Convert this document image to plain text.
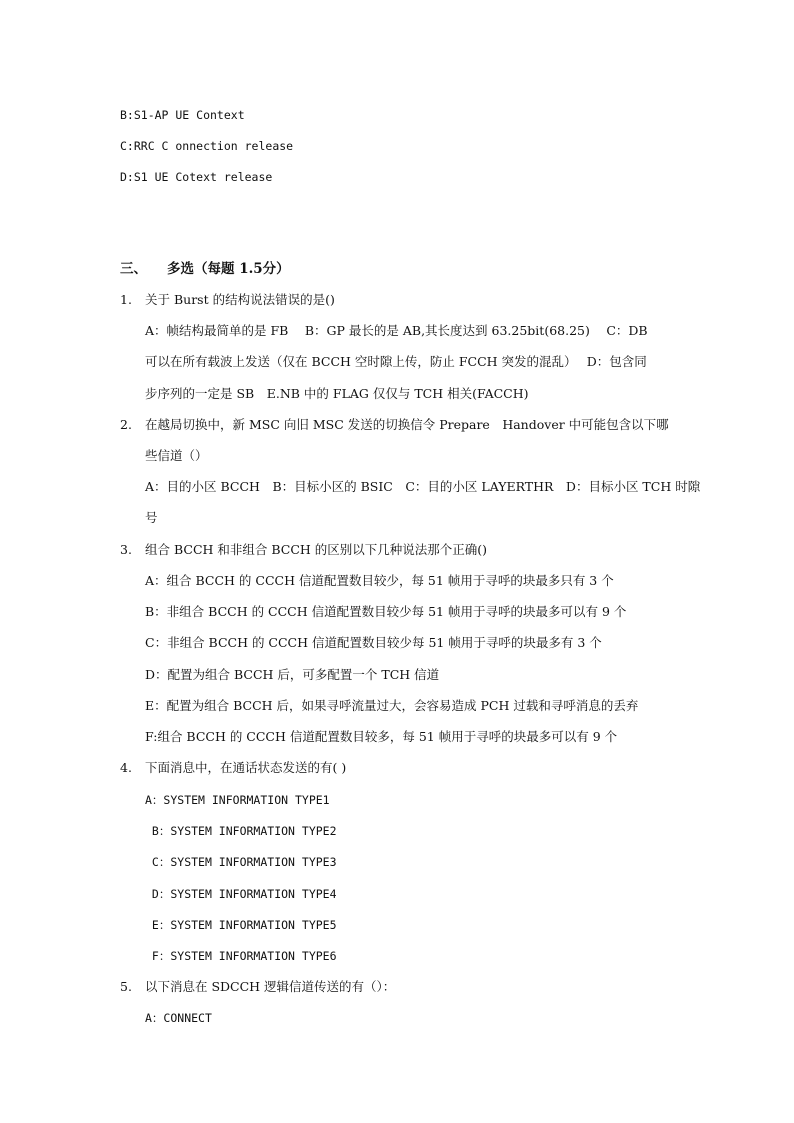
B:S1-AP UE Context
C:RRC C onnection release
D:S1 UE Cotext release
三、 多选（每题 1.5分）
1. 关于 Burst 的结构说法错误的是()
A：帧结构最简单的是 FB　 B：GP 最长的是 AB,其长度达到 63.25bit(68.25)　 C：DB
可以在所有载波上发送（仅在 BCCH 空时隙上传，防止 FCCH 突发的混乱）　 D：包含同
步序列的一定是 SB　E.NB 中的 FLAG 仅仅与 TCH 相关(FACCH)
2. 在越局切换中，新 MSC 向旧 MSC 发送的切换信令 Prepare　Handover 中可能包含以下哪
些信道（）
A：目的小区 BCCH　B：目标小区的 BSIC　C：目的小区 LAYERTHR　D：目标小区 TCH 时隙
号
3. 组合 BCCH 和非组合 BCCH 的区别以下几种说法那个正确()
A：组合 BCCH 的 CCCH 信道配置数目较少，每 51 帧用于寻呼的块最多只有 3 个
B：非组合 BCCH 的 CCCH 信道配置数目较少每 51 帧用于寻呼的块最多可以有 9 个
C：非组合 BCCH 的 CCCH 信道配置数目较少每 51 帧用于寻呼的块最多有 3 个
D：配置为组合 BCCH 后，可多配置一个 TCH 信道
E：配置为组合 BCCH 后，如果寻呼流量过大，会容易造成 PCH 过载和寻呼消息的丢弃
F:组合 BCCH 的 CCCH 信道配置数目较多，每 51 帧用于寻呼的块最多可以有 9 个
4. 下面消息中，在通话状态发送的有( )
A：SYSTEM INFORMATION TYPE1
B：SYSTEM INFORMATION TYPE2
C：SYSTEM INFORMATION TYPE3
D：SYSTEM INFORMATION TYPE4
E：SYSTEM INFORMATION TYPE5
F：SYSTEM INFORMATION TYPE6
5. 以下消息在 SDCCH 逻辑信道传送的有（）：
A：CONNECT
